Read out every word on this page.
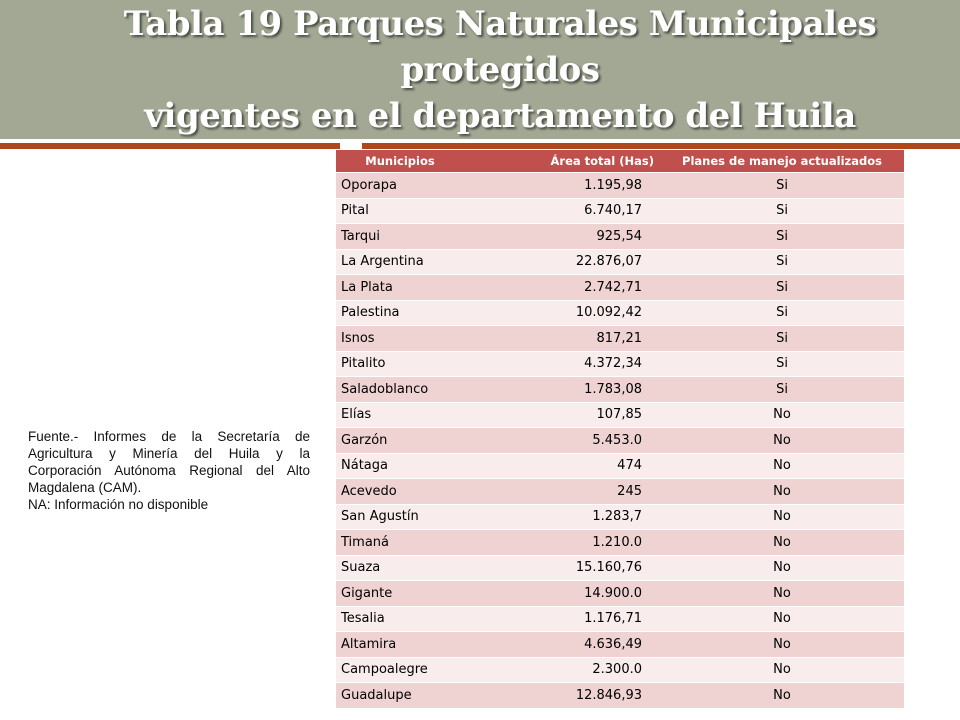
Tabla 19 Parques Naturales Municipales protegidos
vigentes en el departamento del Huila

Fuente.- Informes de la Secretaría de Agricultura y Minería del Huila y la Corporación Autónoma Regional del Alto Magdalena (CAM).

NA: Información no disponible

Municipios	Área total (Has)	Planes de manejo actualizados
Oporapa	1.195,98	Si
Pital	6.740,17	Si
Tarqui	925,54	Si
La Argentina	22.876,07	Si
La Plata	2.742,71	Si
Palestina	10.092,42	Si
Isnos	817,21	Si
Pitalito	4.372,34	Si
Saladoblanco	1.783,08	Si
Elías	107,85	No
Garzón	5.453.0	No
Nátaga	474	No
Acevedo	245	No
San Agustín	1.283,7	No
Timaná	1.210.0	No
Suaza	15.160,76	No
Gigante	14.900.0	No
Tesalia	1.176,71	No
Altamira	4.636,49	No
Campoalegre	2.300.0	No
Guadalupe	12.846,93	No
